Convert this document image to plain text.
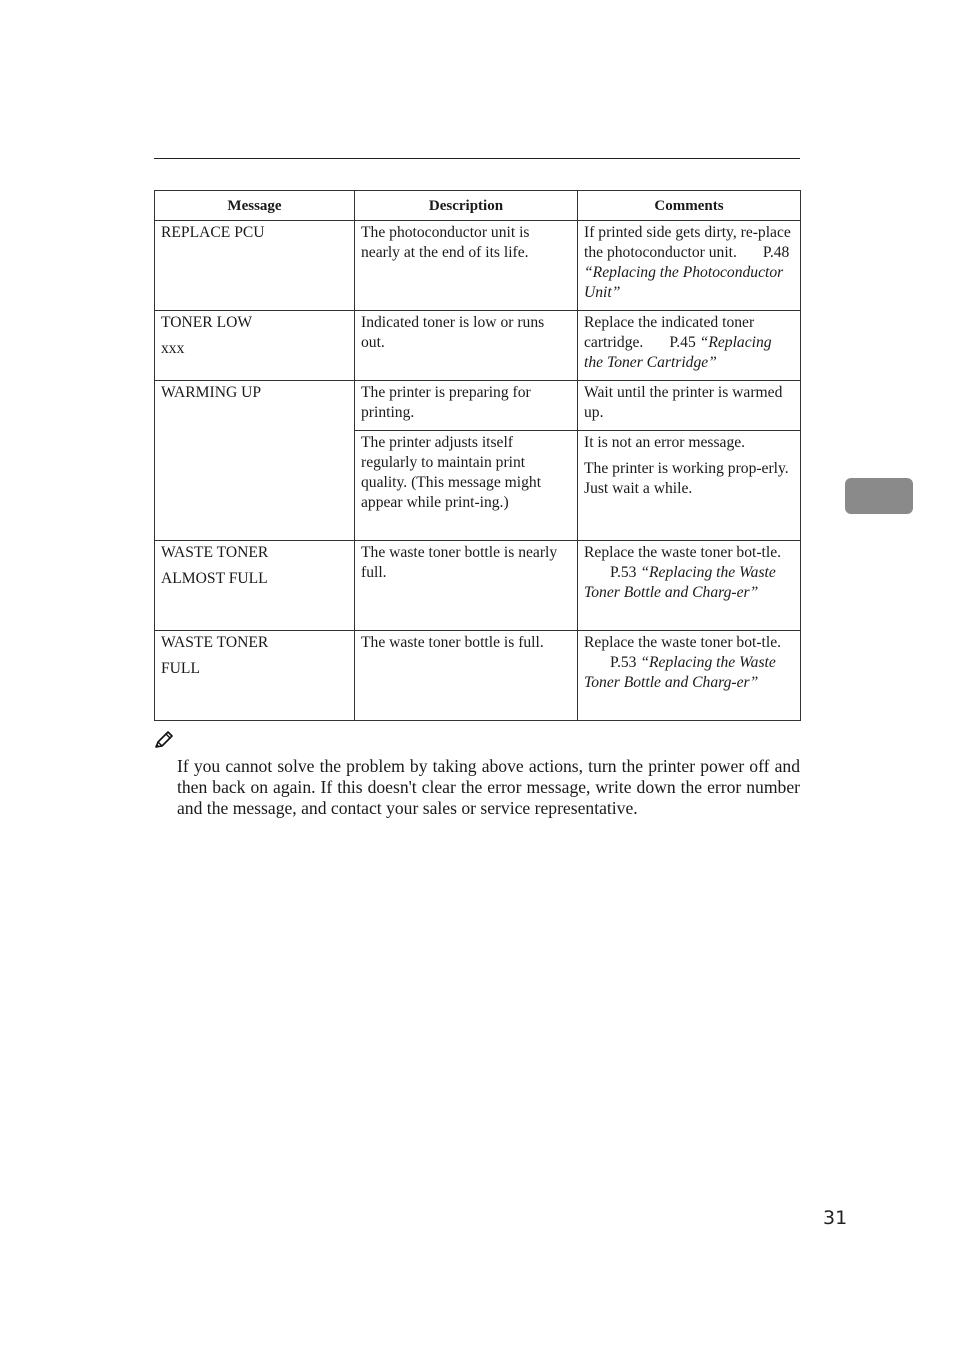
Message	Description	Comments
REPLACE PCU	The photoconductor unit is nearly at the end of its life.	If printed side gets dirty, re-place the photoconductor unit. P.48 “Replacing the Photoconductor Unit”

TONER LOW
xxx	Indicated toner is low or runs out.	Replace the indicated toner cartridge. P.45 “Replacing the Toner Cartridge”
WARMING UP	The printer is preparing for printing.	Wait until the printer is warmed up.
	The printer adjusts itself regularly to maintain print quality. (This message might appear while print-ing.)	It is not an error message.
The printer is working prop-erly. Just wait a while.

WASTE TONER
ALMOST FULL	The waste toner bottle is nearly full.	Replace the waste toner bot-tle.P.53 “Replacing the Waste Toner Bottle and Charg-er”

WASTE TONER
FULL	The waste toner bottle is full.	Replace the waste toner bot-tle.P.53 “Replacing the Waste Toner Bottle and Charg-er”
If you cannot solve the problem by taking above actions, turn the printer power off and then back on again. If this doesn't clear the error message, write down the error number and the message, and contact your sales or service representative.
31
